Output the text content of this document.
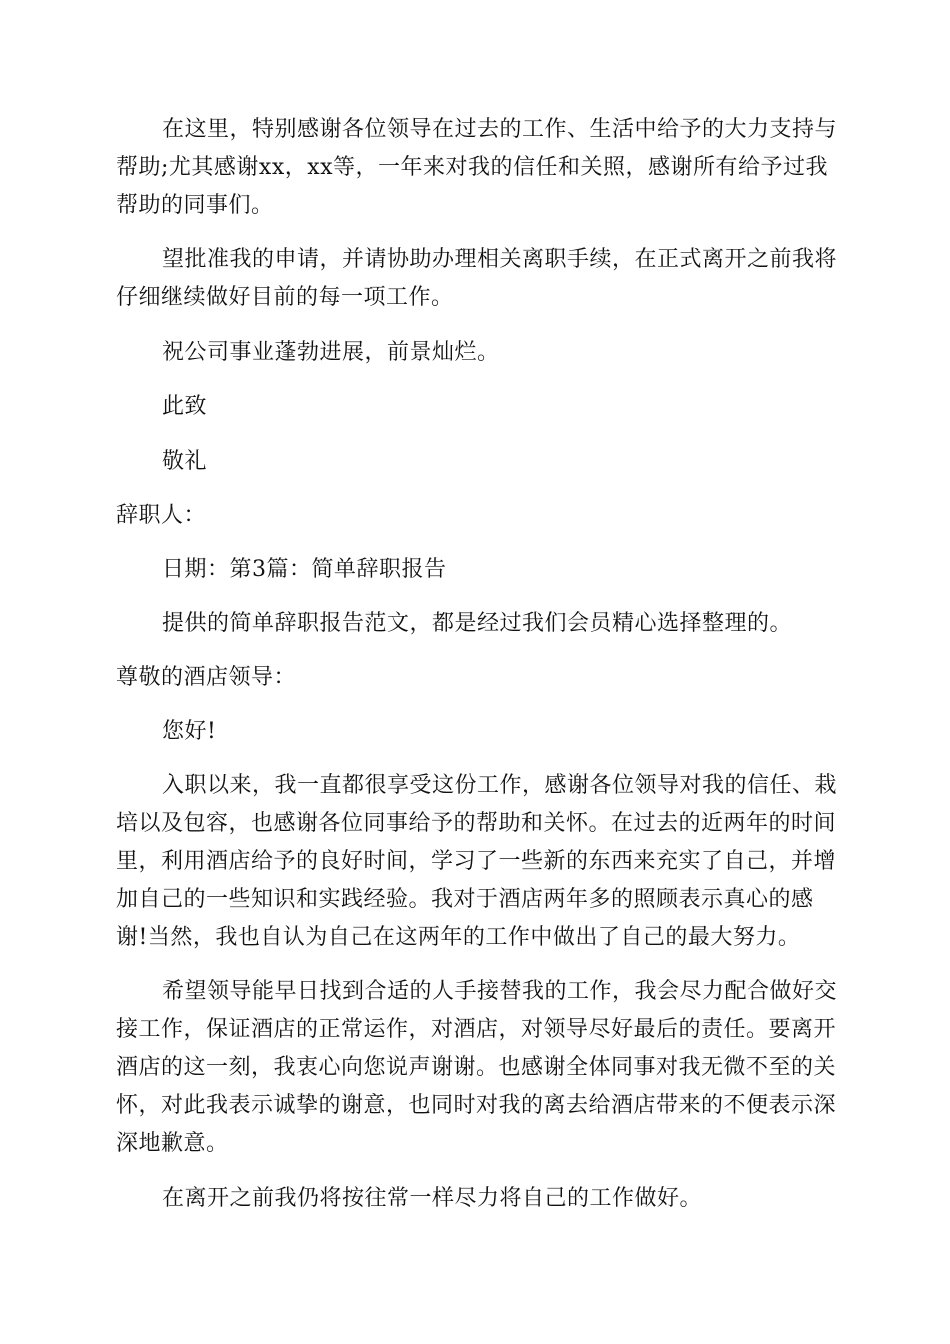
在这里，特别感谢各位领导在过去的工作、生活中给予的大力支持与
帮助;尤其感谢xx，xx等，一年来对我的信任和关照，感谢所有给予过我
帮助的同事们。
望批准我的申请，并请协助办理相关离职手续，在正式离开之前我将
仔细继续做好目前的每一项工作。
祝公司事业蓬勃进展，前景灿烂。
此致
敬礼
辞职人：
日期：第3篇：简单辞职报告
提供的简单辞职报告范文，都是经过我们会员精心选择整理的。
尊敬的酒店领导：
您好!
入职以来，我一直都很享受这份工作，感谢各位领导对我的信任、栽
培以及包容，也感谢各位同事给予的帮助和关怀。在过去的近两年的时间
里，利用酒店给予的良好时间，学习了一些新的东西来充实了自己，并增
加自己的一些知识和实践经验。我对于酒店两年多的照顾表示真心的感
谢!当然，我也自认为自己在这两年的工作中做出了自己的最大努力。
希望领导能早日找到合适的人手接替我的工作，我会尽力配合做好交
接工作，保证酒店的正常运作，对酒店，对领导尽好最后的责任。要离开
酒店的这一刻，我衷心向您说声谢谢。也感谢全体同事对我无微不至的关
怀，对此我表示诚挚的谢意，也同时对我的离去给酒店带来的不便表示深
深地歉意。
在离开之前我仍将按往常一样尽力将自己的工作做好。
